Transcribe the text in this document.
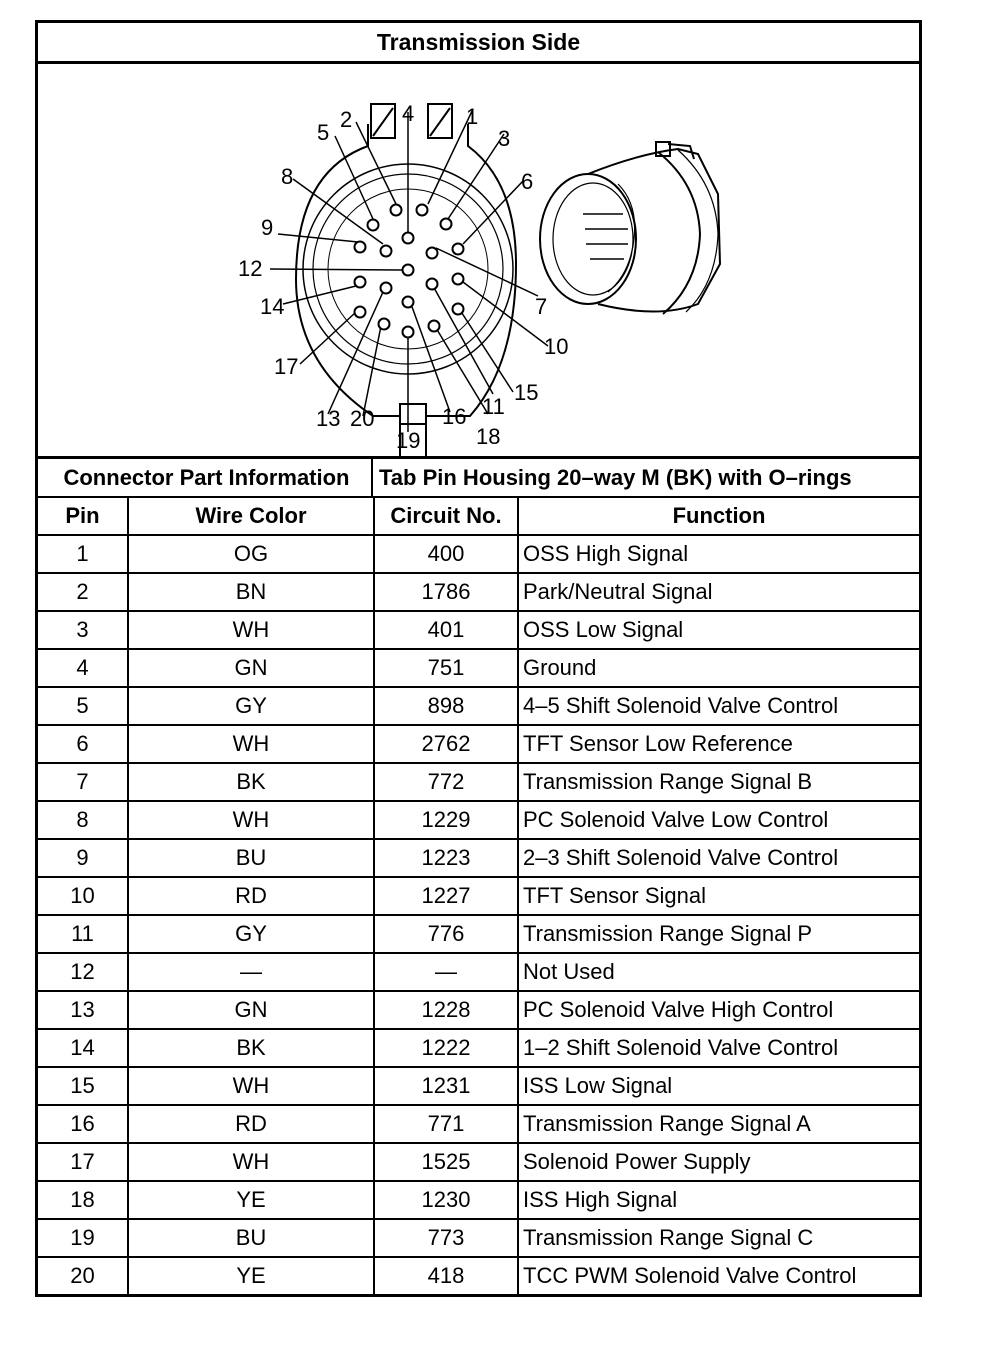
Transmission Side
1
2
3
4
5
6
7
8
9
10
11
12
13
14
15
16
17
18
19
20
Connector Part Information	Tab Pin Housing 20–way M (BK) with O–rings
Pin	Wire Color	Circuit No.	Function
1	OG	400	OSS High Signal
2	BN	1786	Park/Neutral Signal
3	WH	401	OSS Low Signal
4	GN	751	Ground
5	GY	898	4–5 Shift Solenoid Valve Control
6	WH	2762	TFT Sensor Low Reference
7	BK	772	Transmission Range Signal B
8	WH	1229	PC Solenoid Valve Low Control
9	BU	1223	2–3 Shift Solenoid Valve Control
10	RD	1227	TFT Sensor Signal
11	GY	776	Transmission Range Signal P
12	—	—	Not Used
13	GN	1228	PC Solenoid Valve High Control
14	BK	1222	1–2 Shift Solenoid Valve Control
15	WH	1231	ISS Low Signal
16	RD	771	Transmission Range Signal A
17	WH	1525	Solenoid Power Supply
18	YE	1230	ISS High Signal
19	BU	773	Transmission Range Signal C
20	YE	418	TCC PWM Solenoid Valve Control
